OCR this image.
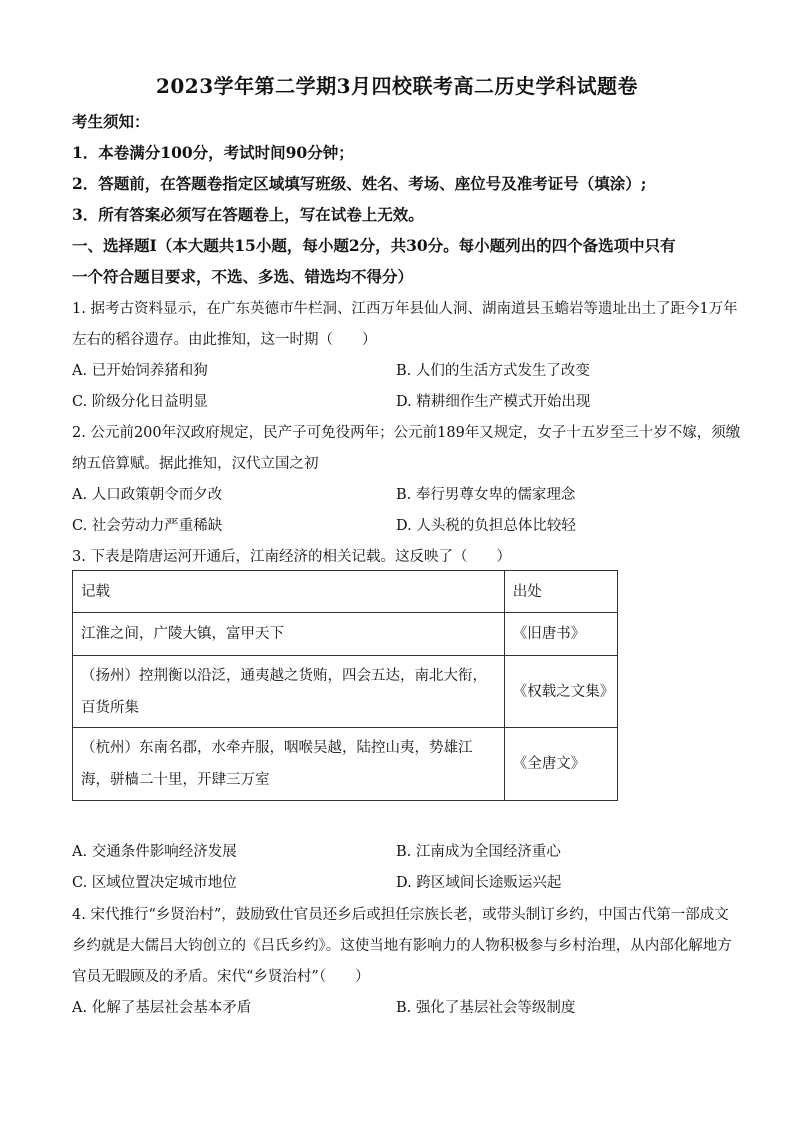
2023学年第二学期3月四校联考高二历史学科试题卷
考生须知：
1．本卷满分100分，考试时间90分钟；
2．答题前，在答题卷指定区域填写班级、姓名、考场、座位号及准考证号（填涂）;
3．所有答案必须写在答题卷上，写在试卷上无效。
一、选择题Ⅰ（本大题共15小题，每小题2分，共30分。每小题列出的四个备选项中只有
一个符合题目要求，不选、多选、错选均不得分）
1. 据考古资料显示，在广东英德市牛栏洞、江西万年县仙人洞、湖南道县玉蟾岩等遗址出土了距今1万年
左右的稻谷遗存。由此推知，这一时期（　　）
A. 已开始饲养猪和狗	B. 人们的生活方式发生了改变
C. 阶级分化日益明显	D. 精耕细作生产模式开始出现
2. 公元前200年汉政府规定，民产子可免役两年；公元前189年又规定，女子十五岁至三十岁不嫁，须缴
纳五倍算赋。据此推知，汉代立国之初
A. 人口政策朝令而夕改	B. 奉行男尊女卑的儒家理念
C. 社会劳动力严重稀缺	D. 人头税的负担总体比较轻
3. 下表是隋唐运河开通后，江南经济的相关记载。这反映了（　　）
记载	出处
江淮之间，广陵大镇，富甲天下	《旧唐书》
（扬州）控荆衡以沿泛，通夷越之货贿，四会五达，南北大衔，百货所集	《权载之文集》
（杭州）东南名郡，水牵卉服，咽喉吴越，陆控山夷，势雄江海，骈樯二十里，开肆三万室	《全唐文》
A. 交通条件影响经济发展	B. 江南成为全国经济重心
C. 区域位置决定城市地位	D. 跨区域间长途贩运兴起
4. 宋代推行“乡贤治村”，鼓励致仕官员还乡后或担任宗族长老，或带头制订乡约，中国古代第一部成文
乡约就是大儒吕大钧创立的《吕氏乡约》。这使当地有影响力的人物积极参与乡村治理，从内部化解地方
官员无暇顾及的矛盾。宋代“乡贤治村”（　　）
A. 化解了基层社会基本矛盾	B. 强化了基层社会等级制度
